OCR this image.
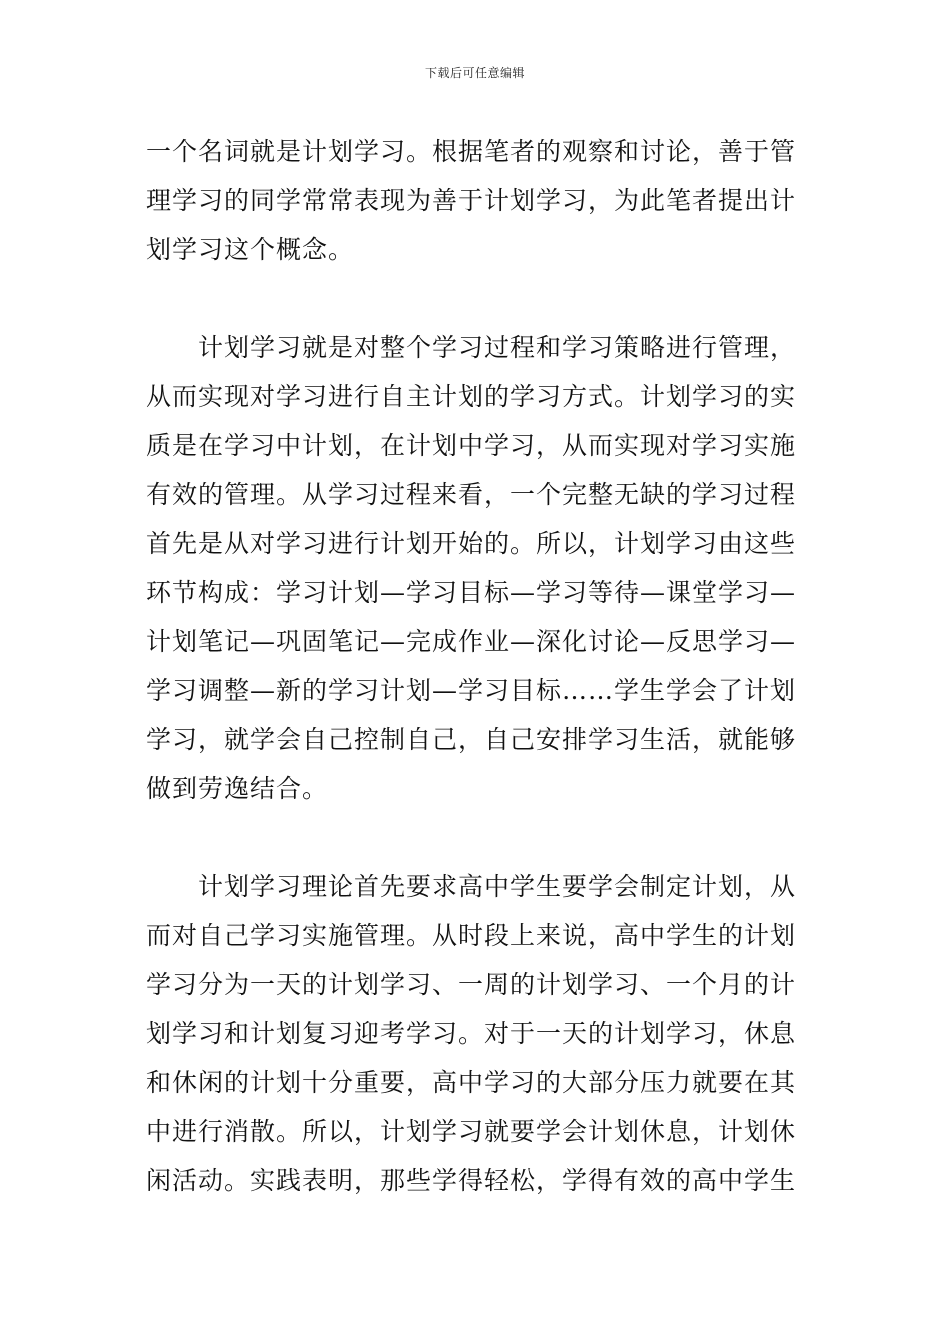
下载后可任意编辑
一个名词就是计划学习。根据笔者的观察和讨论，善于管
理学习的同学常常表现为善于计划学习，为此笔者提出计
划学习这个概念。
　　计划学习就是对整个学习过程和学习策略进行管理，
从而实现对学习进行自主计划的学习方式。计划学习的实
质是在学习中计划，在计划中学习，从而实现对学习实施
有效的管理。从学习过程来看，一个完整无缺的学习过程
首先是从对学习进行计划开始的。所以，计划学习由这些
环节构成：学习计划—学习目标—学习等待—课堂学习—
计划笔记—巩固笔记—完成作业—深化讨论—反思学习—
学习调整—新的学习计划—学习目标……学生学会了计划
学习，就学会自己控制自己，自己安排学习生活，就能够
做到劳逸结合。
　　计划学习理论首先要求高中学生要学会制定计划，从
而对自己学习实施管理。从时段上来说，高中学生的计划
学习分为一天的计划学习、一周的计划学习、一个月的计
划学习和计划复习迎考学习。对于一天的计划学习，休息
和休闲的计划十分重要，高中学习的大部分压力就要在其
中进行消散。所以，计划学习就要学会计划休息，计划休
闲活动。实践表明，那些学得轻松，学得有效的高中学生
